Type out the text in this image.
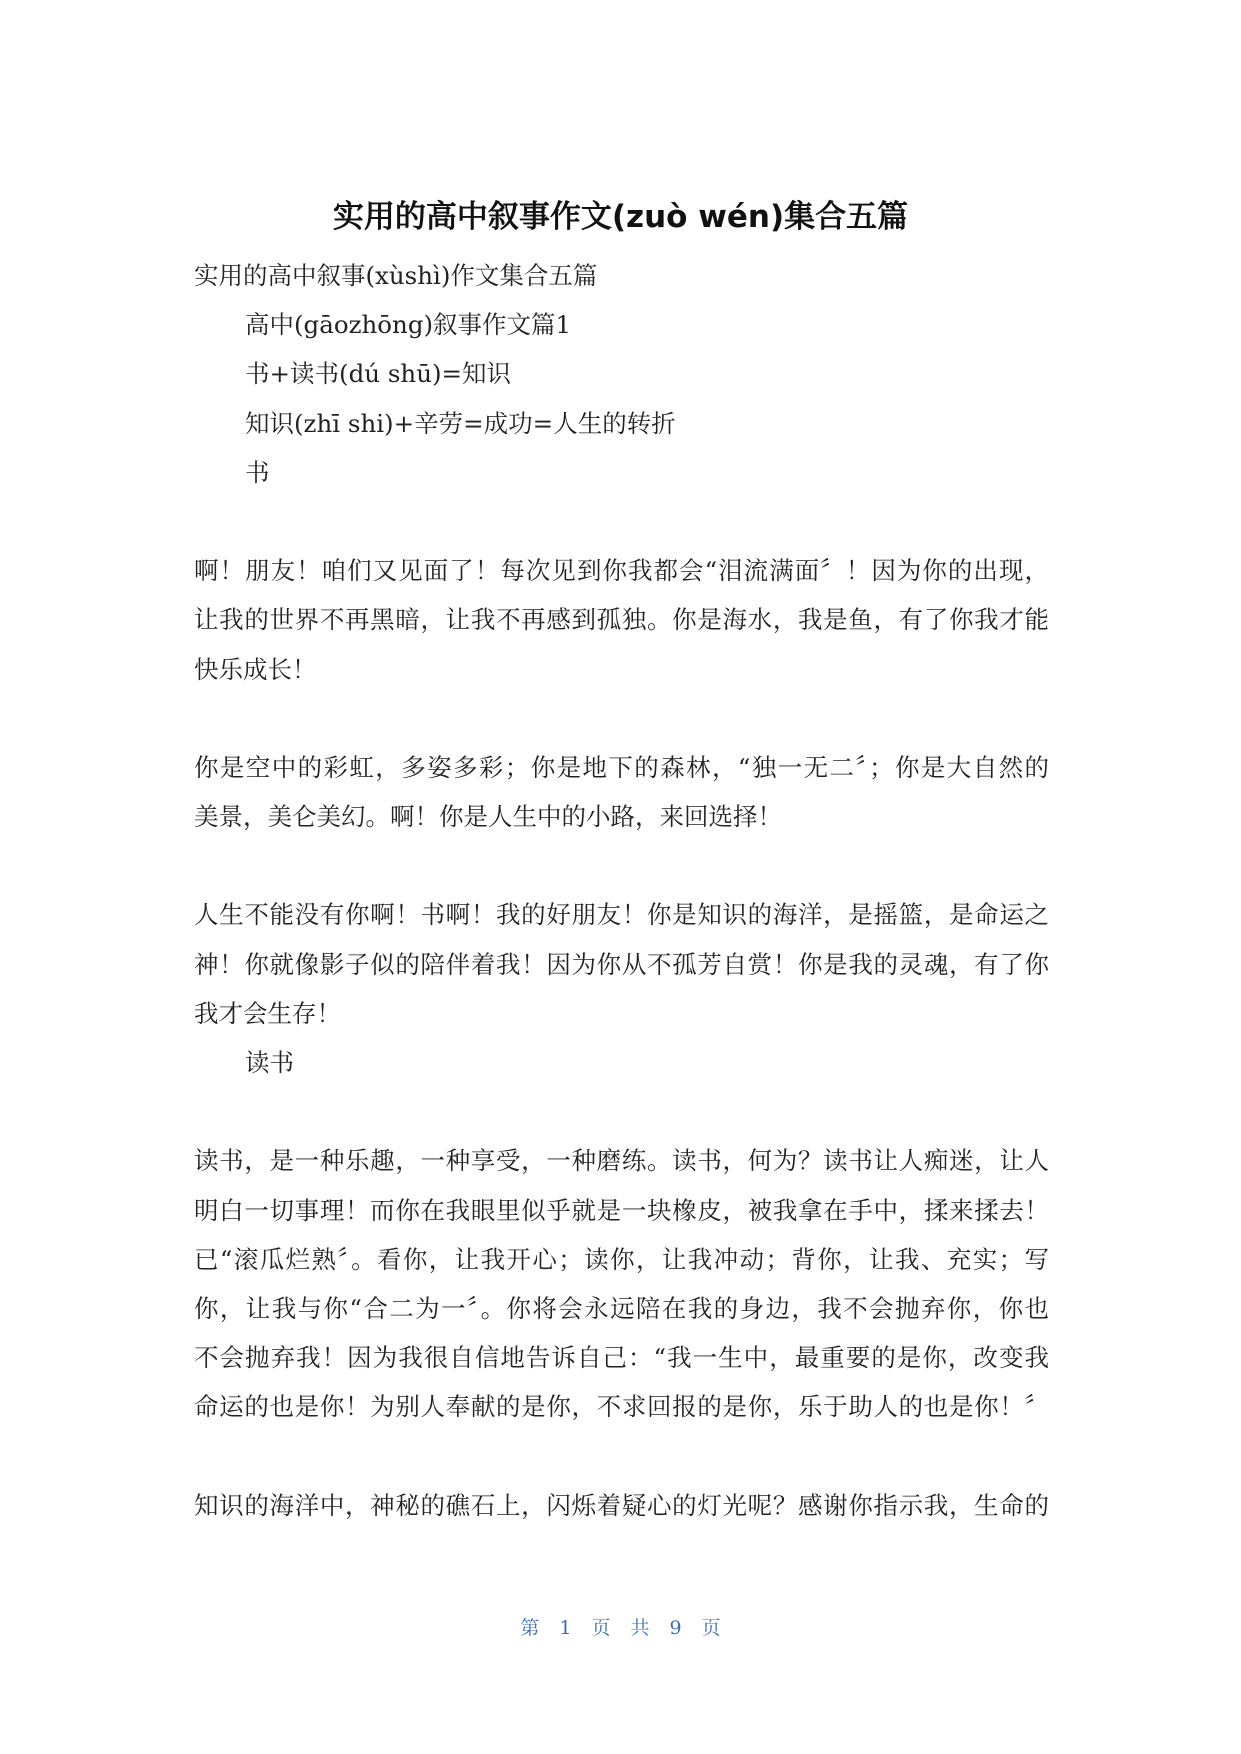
实用的高中叙事作文(zuò wén)集合五篇
实用的高中叙事(xùshì)作文集合五篇
高中(gāozhōng)叙事作文篇1
书+读书(dú shū)=知识
知识(zhī shi)+辛劳=成功=人生的转折
书
啊！朋友！咱们又见面了！每次见到你我都会“泪流满面〞！因为你的出现，
让我的世界不再黑暗，让我不再感到孤独。你是海水，我是鱼，有了你我才能
快乐成长！
你是空中的彩虹，多姿多彩；你是地下的森林，“独一无二〞；你是大自然的
美景，美仑美幻。啊！你是人生中的小路，来回选择！
人生不能没有你啊！书啊！我的好朋友！你是知识的海洋，是摇篮，是命运之
神！你就像影子似的陪伴着我！因为你从不孤芳自赏！你是我的灵魂，有了你
我才会生存！
读书
读书，是一种乐趣，一种享受，一种磨练。读书，何为？读书让人痴迷，让人
明白一切事理！而你在我眼里似乎就是一块橡皮，被我拿在手中，揉来揉去！
已“滚瓜烂熟〞。看你，让我开心；读你，让我冲动；背你，让我、充实；写
你，让我与你“合二为一〞。你将会永远陪在我的身边，我不会抛弃你，你也
不会抛弃我！因为我很自信地告诉自己：“我一生中，最重要的是你，改变我
命运的也是你！为别人奉献的是你，不求回报的是你，乐于助人的也是你！〞
知识的海洋中，神秘的礁石上，闪烁着疑心的灯光呢？感谢你指示我，生命的
第 1 页 共 9 页
